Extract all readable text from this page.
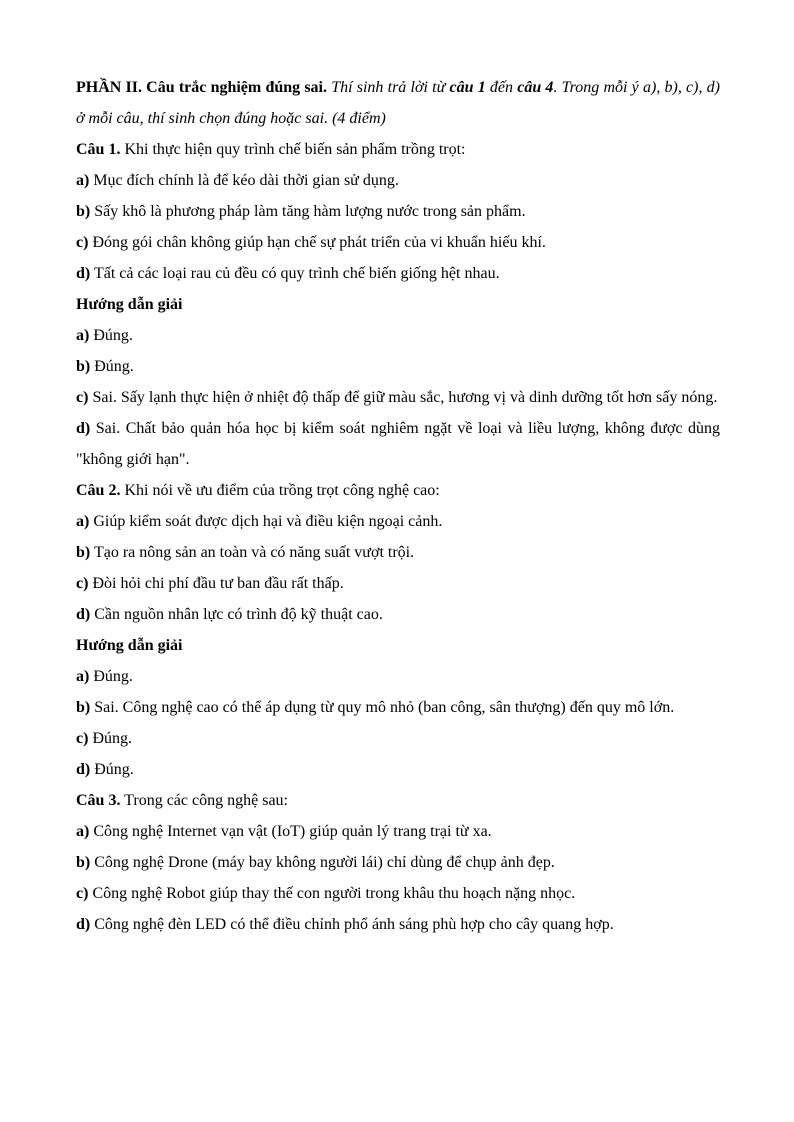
PHẦN II. Câu trắc nghiệm đúng sai. Thí sinh trả lời từ câu 1 đến câu 4. Trong mỗi ý a), b), c), d) ở mỗi câu, thí sinh chọn đúng hoặc sai. (4 điểm)

Câu 1. Khi thực hiện quy trình chế biến sản phẩm trồng trọt:
a) Mục đích chính là để kéo dài thời gian sử dụng.
b) Sấy khô là phương pháp làm tăng hàm lượng nước trong sản phẩm.
c) Đóng gói chân không giúp hạn chế sự phát triển của vi khuẩn hiếu khí.
d) Tất cả các loại rau củ đều có quy trình chế biến giống hệt nhau.
Hướng dẫn giải
a) Đúng.
b) Đúng.
c) Sai. Sấy lạnh thực hiện ở nhiệt độ thấp để giữ màu sắc, hương vị và dinh dưỡng tốt hơn sấy nóng.
d) Sai. Chất bảo quản hóa học bị kiểm soát nghiêm ngặt về loại và liều lượng, không được dùng "không giới hạn".
Câu 2. Khi nói về ưu điểm của trồng trọt công nghệ cao:
a) Giúp kiểm soát được dịch hại và điều kiện ngoại cảnh.
b) Tạo ra nông sản an toàn và có năng suất vượt trội.
c) Đòi hỏi chi phí đầu tư ban đầu rất thấp.
d) Cần nguồn nhân lực có trình độ kỹ thuật cao.
Hướng dẫn giải
a) Đúng.
b) Sai. Công nghệ cao có thể áp dụng từ quy mô nhỏ (ban công, sân thượng) đến quy mô lớn.
c) Đúng.
d) Đúng.
Câu 3. Trong các công nghệ sau:
a) Công nghệ Internet vạn vật (IoT) giúp quản lý trang trại từ xa.
b) Công nghệ Drone (máy bay không người lái) chỉ dùng để chụp ảnh đẹp.
c) Công nghệ Robot giúp thay thế con người trong khâu thu hoạch nặng nhọc.
d) Công nghệ đèn LED có thể điều chỉnh phổ ánh sáng phù hợp cho cây quang hợp.
